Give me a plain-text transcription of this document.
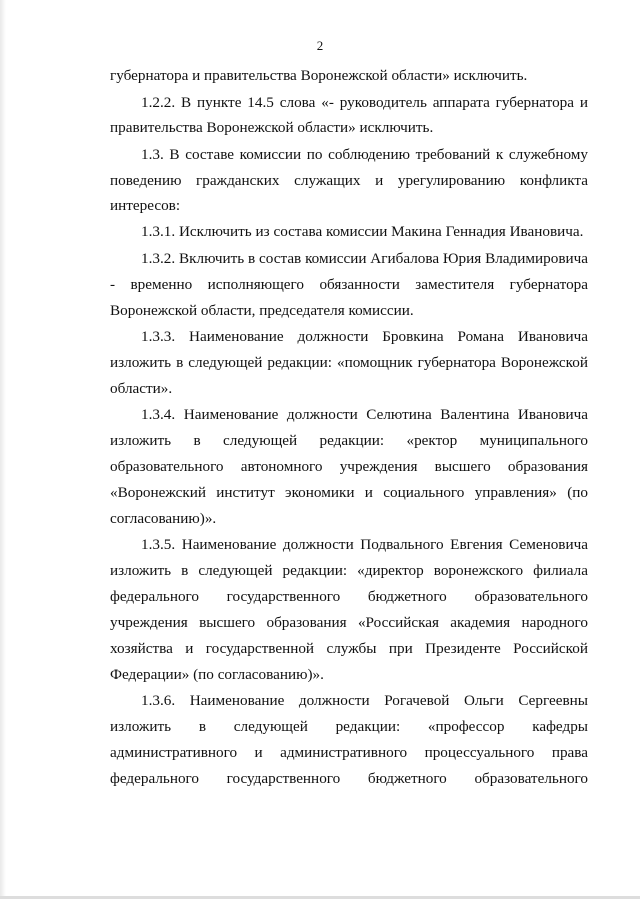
2
губернатора и правительства Воронежской области» исключить.
1.2.2. В пункте 14.5 слова «- руководитель аппарата губернатора и
правительства Воронежской области» исключить.
1.3. В составе комиссии по соблюдению требований к служебному
поведению гражданских служащих и урегулированию конфликта
интересов:
1.3.1. Исключить из состава комиссии Макина Геннадия Ивановича.
1.3.2. Включить в состав комиссии Агибалова Юрия Владимировича
- временно исполняющего обязанности заместителя губернатора
Воронежской области, председателя комиссии.
1.3.3. Наименование должности Бровкина Романа Ивановича
изложить в следующей редакции: «помощник губернатора Воронежской
области».
1.3.4. Наименование должности Селютина Валентина Ивановича
изложить в следующей редакции: «ректор муниципального
образовательного автономного учреждения высшего образования
«Воронежский институт экономики и социального управления» (по
согласованию)».
1.3.5. Наименование должности Подвального Евгения Семеновича
изложить в следующей редакции: «директор воронежского филиала
федерального государственного бюджетного образовательного
учреждения высшего образования «Российская академия народного
хозяйства и государственной службы при Президенте Российской
Федерации» (по согласованию)».
1.3.6. Наименование должности Рогачевой Ольги Сергеевны
изложить в следующей редакции: «профессор кафедры
административного и административного процессуального права
федерального государственного бюджетного образовательного
